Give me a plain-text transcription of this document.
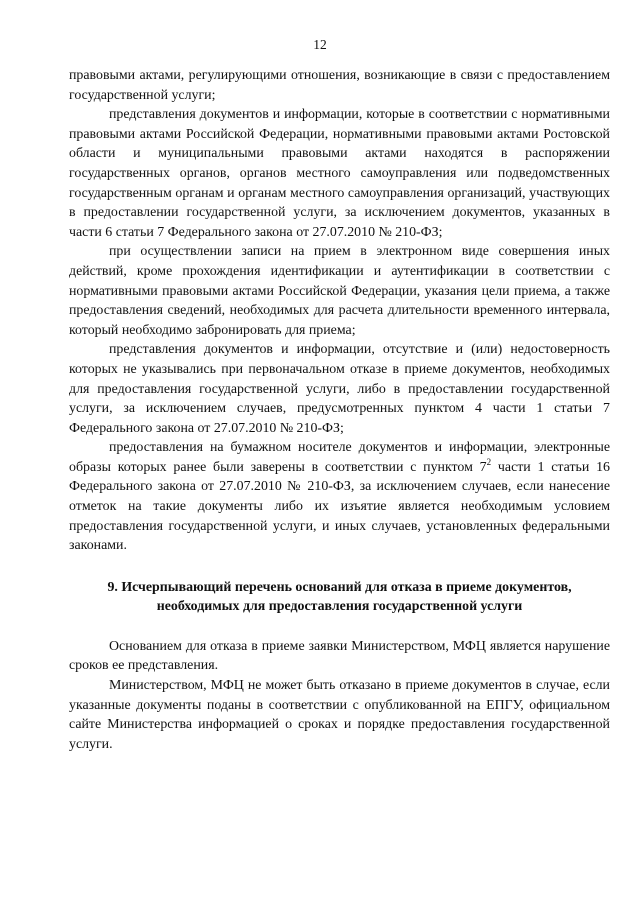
12

правовыми актами, регулирующими отношения, возникающие в связи с предоставлением государственной услуги;

представления документов и информации, которые в соответствии с нормативными правовыми актами Российской Федерации, нормативными правовыми актами Ростовской области и муниципальными правовыми актами находятся в распоряжении государственных органов, органов местного самоуправления или подведомственных государственным органам и органам местного самоуправления организаций, участвующих в предоставлении государственной услуги, за исключением документов, указанных в части 6 статьи 7 Федерального закона от 27.07.2010 № 210-ФЗ;

при осуществлении записи на прием в электронном виде совершения иных действий, кроме прохождения идентификации и аутентификации в соответствии с нормативными правовыми актами Российской Федерации, указания цели приема, а также предоставления сведений, необходимых для расчета длительности временного интервала, который необходимо забронировать для приема;

представления документов и информации, отсутствие и (или) недостоверность которых не указывались при первоначальном отказе в приеме документов, необходимых для предоставления государственной услуги, либо в предоставлении государственной услуги, за исключением случаев, предусмотренных пунктом 4 части 1 статьи 7 Федерального закона от 27.07.2010 № 210-ФЗ;

предоставления на бумажном носителе документов и информации, электронные образы которых ранее были заверены в соответствии с пунктом $7^2$ части 1 статьи 16 Федерального закона от 27.07.2010 № 210-ФЗ, за исключением случаев, если нанесение отметок на такие документы либо их изъятие является необходимым условием предоставления государственной услуги, и иных случаев, установленных федеральными законами.

9. Исчерпывающий перечень оснований для отказа в приеме документов,
необходимых для предоставления государственной услуги

Основанием для отказа в приеме заявки Министерством, МФЦ является нарушение сроков ее представления.

Министерством, МФЦ не может быть отказано в приеме документов в случае, если указанные документы поданы в соответствии с опубликованной на ЕПГУ, официальном сайте Министерства информацией о сроках и порядке предоставления государственной услуги.
